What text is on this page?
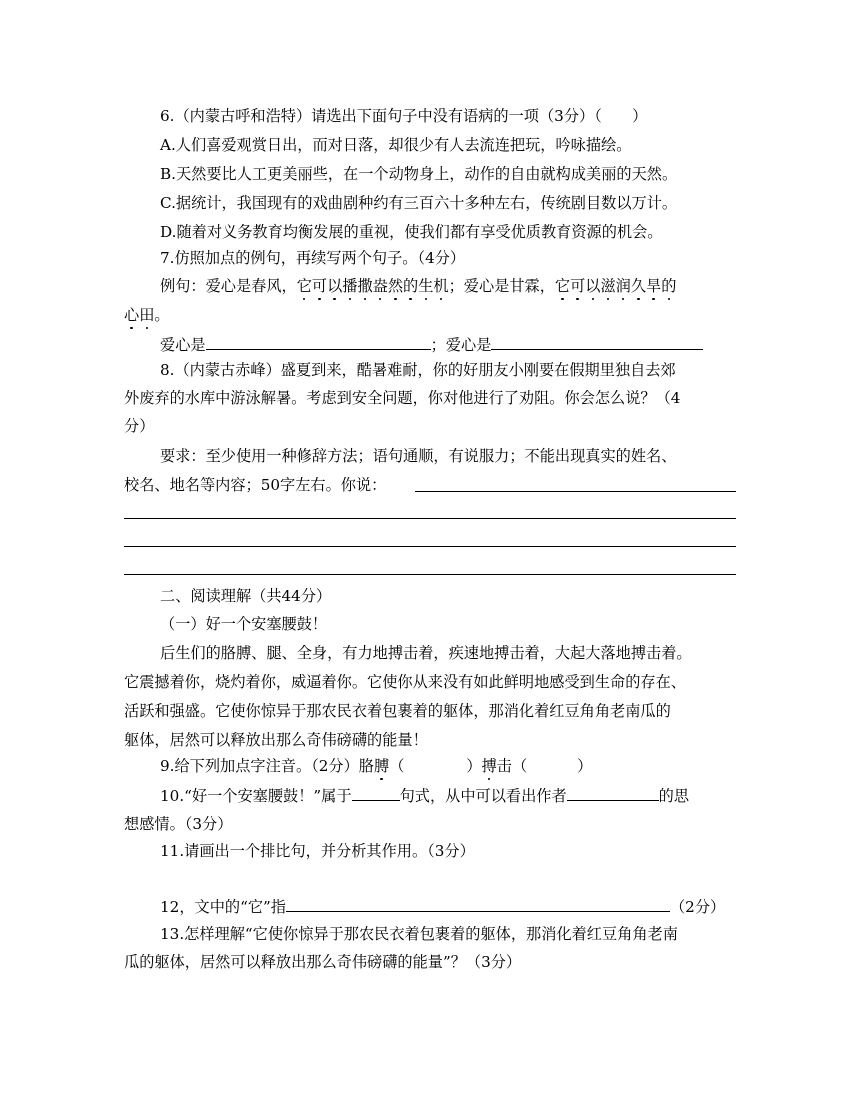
6.（内蒙古呼和浩特）请选出下面句子中没有语病的一项（3分）（　　）
A.人们喜爱观赏日出，而对日落，却很少有人去流连把玩，吟咏描绘。
B.天然要比人工更美丽些，在一个动物身上，动作的自由就构成美丽的天然。
C.据统计，我国现有的戏曲剧种约有三百六十多种左右，传统剧目数以万计。
D.随着对义务教育均衡发展的重视，使我们都有享受优质教育资源的机会。
7.仿照加点的例句，再续写两个句子。（4分）
例句：爱心是春风，它可以播撒盎然的生机；爱心是甘霖，它可以滋润久旱的
心田。
爱心是	；爱心是
8.（内蒙古赤峰）盛夏到来，酷暑难耐，你的好朋友小刚要在假期里独自去郊
外废弃的水库中游泳解暑。考虑到安全问题，你对他进行了劝阻。你会怎么说？（4
分）
要求：至少使用一种修辞方法；语句通顺，有说服力；不能出现真实的姓名、
校名、地名等内容；50字左右。你说：
二、阅读理解（共44分）
（一）好一个安塞腰鼓！
后生们的胳膊、腿、全身，有力地搏击着，疾速地搏击着，大起大落地搏击着。
它震撼着你，烧灼着你，威逼着你。它使你从来没有如此鲜明地感受到生命的存在、
活跃和强盛。它使你惊异于那农民衣着包裹着的躯体，那消化着红豆角角老南瓜的
躯体，居然可以释放出那么奇伟磅礴的能量！
9.给下列加点字注音。（2分）胳膊（	）搏击（	）
10.“好一个安塞腰鼓！”属于	句式，从中可以看出作者	的思
想感情。（3分）
11.请画出一个排比句，并分析其作用。（3分）
12，文中的“它”指	（2分）
13.怎样理解“它使你惊异于那农民衣着包裹着的躯体，那消化着红豆角角老南
瓜的躯体，居然可以释放出那么奇伟磅礴的能量”？（3分）
